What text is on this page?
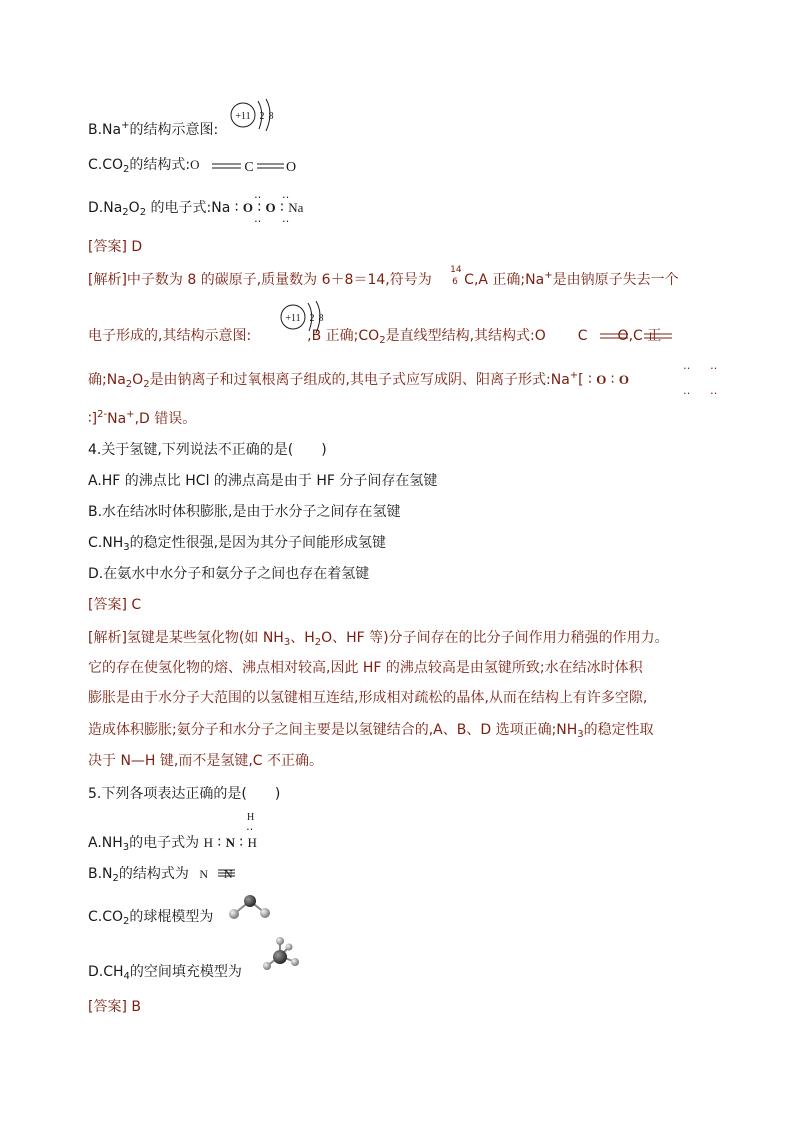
B.Na+的结构示意图:
+11 2 8
$C.CO_2$的结构式:O	C O
$D.Na_2O_2$ 的电子式:Na ∶ O ∶ O ∶ Na
‥
‥
‥
‥
[答案] D
[解析]中子数为 8 的碳原子,质量数为 6＋8＝14,符号为
14
6 C,A 正确;Na+是由钠原子失去一个
电子形成的,其结构示意图:	,B 正确$;CO_2$是直线型结构,其结构式:O C O,C 正
+11 2 8
确$;Na_2O_2$是由钠离子和过氧根离子组成的,其电子式应写成阴、阳离子形式:Na+[ ∶ O ∶ O
‥
‥
‥
‥
∶]$^{2-}$Na+,D 错误。
4.关于氢键,下列说法不正确的是(　　)
A.HF 的沸点比 HCl 的沸点高是由于 HF 分子间存在氢键
B.水在结冰时体积膨胀,是由于水分子之间存在氢键
$C.NH_3$的稳定性很强,是因为其分子间能形成氢键
D.在氨水中水分子和氨分子之间也存在着氢键
[答案] C
[解析]氢键是某些氢化物(如 $NH_3$、$H_2O$、HF 等)分子间存在的比分子间作用力稍强的作用力。
它的存在使氢化物的熔、沸点相对较高,因此 HF 的沸点较高是由氢键所致;水在结冰时体积
膨胀是由于水分子大范围的以氢键相互连结,形成相对疏松的晶体,从而在结构上有许多空隙,
造成体积膨胀;氨分子和水分子之间主要是以氢键结合的,A、B、D 选项正确$;NH_3$的稳定性取
决于 N—H 键,而不是氢键,C 不正确。
5.下列各项表达正确的是(　　)
$A.NH_3$的电子式为 H ∶ N ∶ H
H
‥
$B.N_2$的结构式为 N N
$C.CO_2$的球棍模型为
$D.CH_4$的空间填充模型为
[答案] B
